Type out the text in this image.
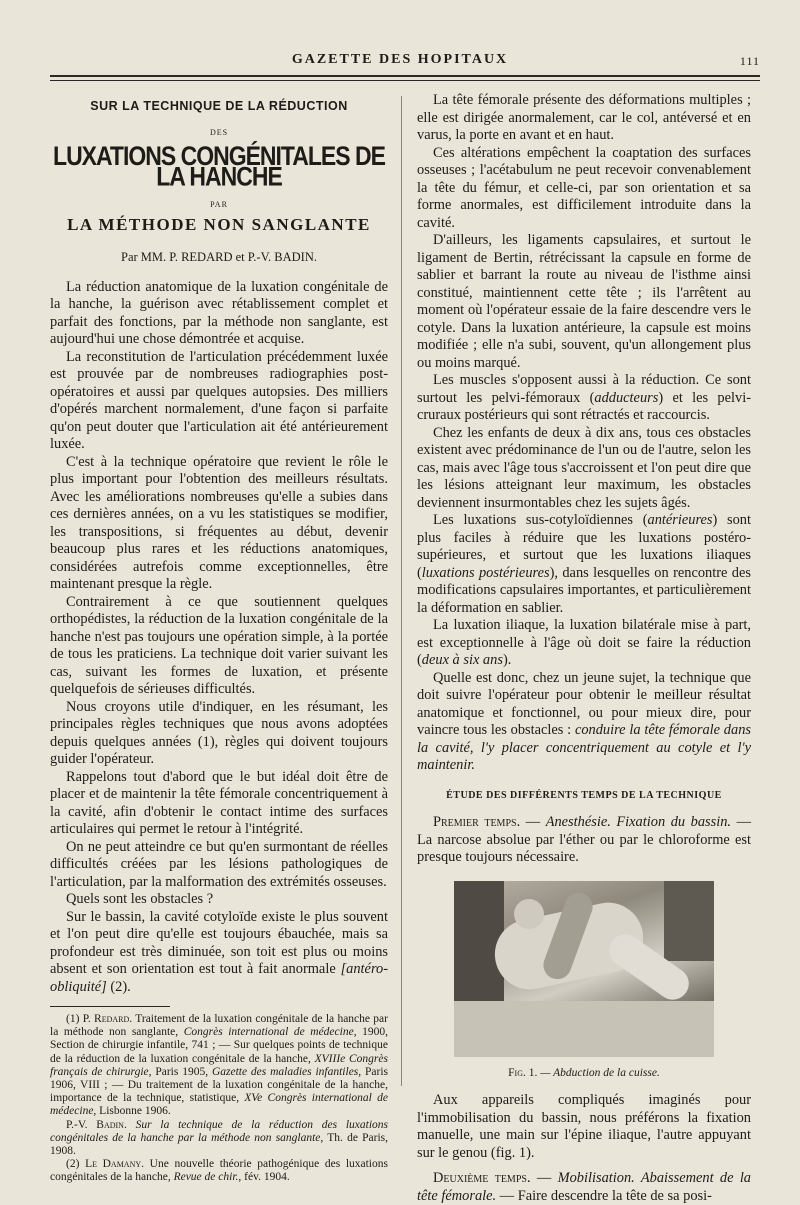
GAZETTE DES HOPITAUX	111
SUR LA TECHNIQUE DE LA RÉDUCTION
DES
LUXATIONS CONGÉNITALES DE LA HANCHE
PAR
LA MÉTHODE NON SANGLANTE
Par MM. P. REDARD et P.-V. BADIN.

La réduction anatomique de la luxation congénitale de la hanche, la guérison avec rétablissement complet et parfait des fonctions, par la méthode non sanglante, est aujourd'hui une chose démontrée et acquise.

La reconstitution de l'articulation précédemment luxée est prouvée par de nombreuses radiographies post-opératoires et aussi par quelques autopsies. Des milliers d'opérés marchent normalement, d'une façon si parfaite qu'on peut douter que l'articulation ait été antérieurement luxée.

C'est à la technique opératoire que revient le rôle le plus important pour l'obtention des meilleurs résultats. Avec les améliorations nombreuses qu'elle a subies dans ces dernières années, on a vu les statistiques se modifier, les transpositions, si fréquentes au début, devenir beaucoup plus rares et les réductions anatomiques, considérées autrefois comme exceptionnelles, être maintenant presque la règle.

Contrairement à ce que soutiennent quelques orthopédistes, la réduction de la luxation congénitale de la hanche n'est pas toujours une opération simple, à la portée de tous les praticiens. La technique doit varier suivant les cas, suivant les formes de luxation, et présente quelquefois de sérieuses difficultés.

Nous croyons utile d'indiquer, en les résumant, les principales règles techniques que nous avons adoptées depuis quelques années (1), règles qui doivent toujours guider l'opérateur.

Rappelons tout d'abord que le but idéal doit être de placer et de maintenir la tête fémorale concentriquement à la cavité, afin d'obtenir le contact intime des surfaces articulaires qui permet le retour à l'intégrité.

On ne peut atteindre ce but qu'en surmontant de réelles difficultés créées par les lésions pathologiques de l'articulation, par la malformation des extrémités osseuses.

Quels sont les obstacles ?

Sur le bassin, la cavité cotyloïde existe le plus souvent et l'on peut dire qu'elle est toujours ébauchée, mais sa profondeur est très diminuée, son toit est plus ou moins absent et son orientation est tout à fait anormale [antéro-obliquité] (2).

(1) P. Redard. Traitement de la luxation congénitale de la hanche par la méthode non sanglante, Congrès international de médecine, 1900, Section de chirurgie infantile, 741 ; — Sur quelques points de technique de la réduction de la luxation congénitale de la hanche, XVIIIe Congrès français de chirurgie, Paris 1905, Gazette des maladies infantiles, Paris 1906, VIII ; — Du traitement de la luxation congénitale de la hanche, importance de la technique, statistique, XVe Congrès international de médecine, Lisbonne 1906.

P.-V. Badin. Sur la technique de la réduction des luxations congénitales de la hanche par la méthode non sanglante, Th. de Paris, 1908.

(2) Le Damany. Une nouvelle théorie pathogénique des luxations congénitales de la hanche, Revue de chir., fév. 1904.

La tête fémorale présente des déformations multiples ; elle est dirigée anormalement, car le col, antéversé et en varus, la porte en avant et en haut.

Ces altérations empêchent la coaptation des surfaces osseuses ; l'acétabulum ne peut recevoir convenablement la tête du fémur, et celle-ci, par son orientation et sa forme anormales, est difficilement introduite dans la cavité.

D'ailleurs, les ligaments capsulaires, et surtout le ligament de Bertin, rétrécissant la capsule en forme de sablier et barrant la route au niveau de l'isthme ainsi constitué, maintiennent cette tête ; ils l'arrêtent au moment où l'opérateur essaie de la faire descendre vers le cotyle. Dans la luxation antérieure, la capsule est moins modifiée ; elle n'a subi, souvent, qu'un allongement plus ou moins marqué.

Les muscles s'opposent aussi à la réduction. Ce sont surtout les pelvi-fémoraux (adducteurs) et les pelvi-cruraux postérieurs qui sont rétractés et raccourcis.

Chez les enfants de deux à dix ans, tous ces obstacles existent avec prédominance de l'un ou de l'autre, selon les cas, mais avec l'âge tous s'accroissent et l'on peut dire que les lésions atteignant leur maximum, les obstacles deviennent insurmontables chez les sujets âgés.

Les luxations sus-cotyloïdiennes (antérieures) sont plus faciles à réduire que les luxations postéro-supérieures, et surtout que les luxations iliaques (luxations postérieures), dans lesquelles on rencontre des modifications capsulaires importantes, et particulièrement la déformation en sablier.

La luxation iliaque, la luxation bilatérale mise à part, est exceptionnelle à l'âge où doit se faire la réduction (deux à six ans).

Quelle est donc, chez un jeune sujet, la technique que doit suivre l'opérateur pour obtenir le meilleur résultat anatomique et fonctionnel, ou pour mieux dire, pour vaincre tous les obstacles : conduire la tête fémorale dans la cavité, l'y placer concentriquement au cotyle et l'y maintenir.

ÉTUDE DES DIFFÉRENTS TEMPS DE LA TECHNIQUE

Premier temps. — Anesthésie. Fixation du bassin. — La narcose absolue par l'éther ou par le chloroforme est presque toujours nécessaire.

Fig. 1. — Abduction de la cuisse.

Aux appareils compliqués imaginés pour l'immobilisation du bassin, nous préférons la fixation manuelle, une main sur l'épine iliaque, l'autre appuyant sur le genou (fig. 1).

Deuxième temps. — Mobilisation. Abaissement de la tête fémorale. — Faire descendre la tête de sa posi-
